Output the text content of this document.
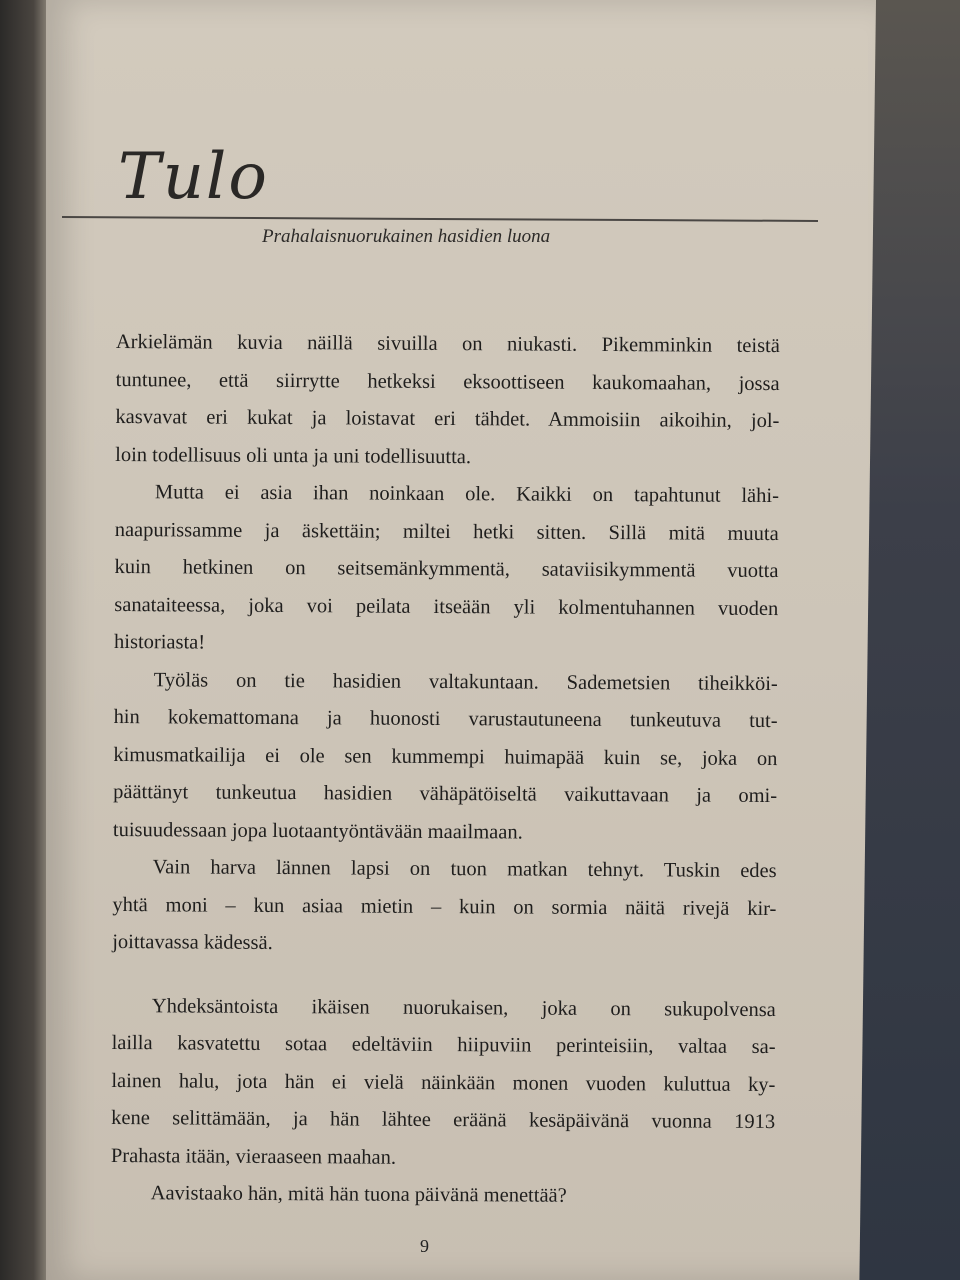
Tulo
Prahalaisnuorukainen hasidien luona
Arkielämän kuvia näillä sivuilla on niukasti. Pikemminkin teistä
tuntunee, että siirrytte hetkeksi eksoottiseen kaukomaahan, jossa
kasvavat eri kukat ja loistavat eri tähdet. Ammoisiin aikoihin, jol-
loin todellisuus oli unta ja uni todellisuutta.
Mutta ei asia ihan noinkaan ole. Kaikki on tapahtunut lähi-
naapurissamme ja äskettäin; miltei hetki sitten. Sillä mitä muuta
kuin hetkinen on seitsemänkymmentä, sataviisikymmentä vuotta
sanataiteessa, joka voi peilata itseään yli kolmentuhannen vuoden
historiasta!
Työläs on tie hasidien valtakuntaan. Sademetsien tiheikköi-
hin kokemattomana ja huonosti varustautuneena tunkeutuva tut-
kimusmatkailija ei ole sen kummempi huimapää kuin se, joka on
päättänyt tunkeutua hasidien vähäpätöiseltä vaikuttavaan ja omi-
tuisuudessaan jopa luotaantyöntävään maailmaan.
Vain harva lännen lapsi on tuon matkan tehnyt. Tuskin edes
yhtä moni – kun asiaa mietin – kuin on sormia näitä rivejä kir-
joittavassa kädessä.
Yhdeksäntoista ikäisen nuorukaisen, joka on sukupolvensa
lailla kasvatettu sotaa edeltäviin hiipuviin perinteisiin, valtaa sa-
lainen halu, jota hän ei vielä näinkään monen vuoden kuluttua ky-
kene selittämään, ja hän lähtee eräänä kesäpäivänä vuonna 1913
Prahasta itään, vieraaseen maahan.
Aavistaako hän, mitä hän tuona päivänä menettää?
9
